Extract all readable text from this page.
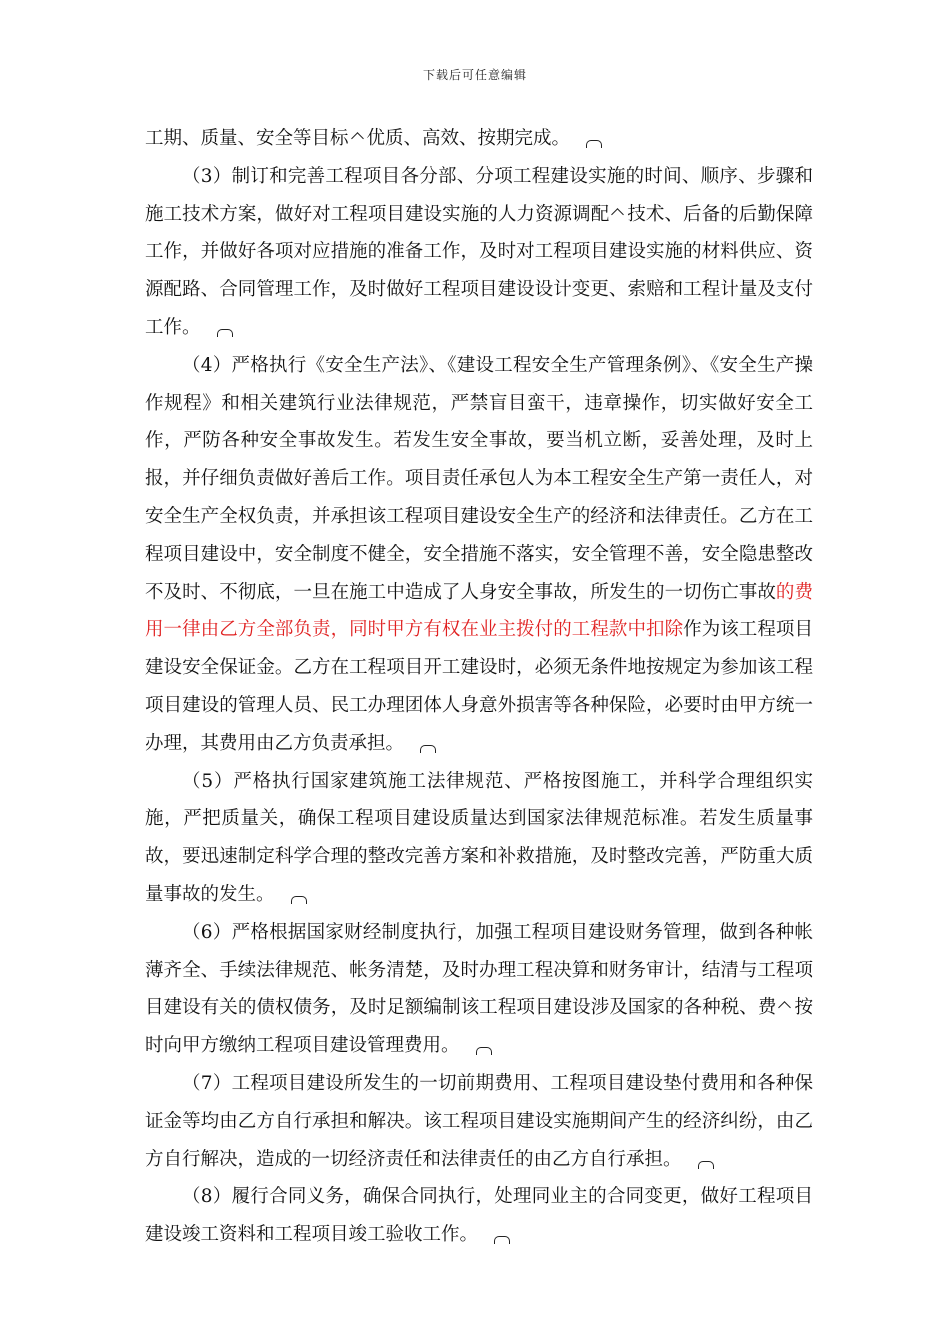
下载后可任意编辑

工期、质量、安全等目标 优质、高效、按期完成。

（3）制订和完善工程项目各分部、分项工程建设实施的时间、顺序、步骤和施工技术方案，做好对工程项目建设实施的人力资源调配 技术、后备的后勤保障工作，并做好各项对应措施的准备工作，及时对工程项目建设实施的材料供应、资源配路、合同管理工作，及时做好工程项目建设设计变更、索赔和工程计量及支付工作。

（4）严格执行《安全生产法》、《建设工程安全生产管理条例》、《安全生产操作规程》和相关建筑行业法律规范，严禁盲目蛮干，违章操作，切实做好安全工作，严防各种安全事故发生。若发生安全事故，要当机立断，妥善处理，及时上报，并仔细负责做好善后工作。项目责任承包人为本工程安全生产第一责任人，对安全生产全权负责，并承担该工程项目建设安全生产的经济和法律责任。乙方在工程项目建设中，安全制度不健全，安全措施不落实，安全管理不善，安全隐患整改不及时、不彻底，一旦在施工中造成了人身安全事故，所发生的一切伤亡事故的费用一律由乙方全部负责，同时甲方有权在业主拨付的工程款中扣除作为该工程项目建设安全保证金。乙方在工程项目开工建设时，必须无条件地按规定为参加该工程项目建设的管理人员、民工办理团体人身意外损害等各种保险，必要时由甲方统一办理，其费用由乙方负责承担。

（5）严格执行国家建筑施工法律规范、严格按图施工，并科学合理组织实施，严把质量关，确保工程项目建设质量达到国家法律规范标准。若发生质量事故，要迅速制定科学合理的整改完善方案和补救措施，及时整改完善，严防重大质量事故的发生。

（6）严格根据国家财经制度执行，加强工程项目建设财务管理，做到各种帐薄齐全、手续法律规范、帐务清楚，及时办理工程决算和财务审计，结清与工程项目建设有关的债权债务，及时足额编制该工程项目建设涉及国家的各种税、费 按时向甲方缴纳工程项目建设管理费用。

（7）工程项目建设所发生的一切前期费用、工程项目建设垫付费用和各种保证金等均由乙方自行承担和解决。该工程项目建设实施期间产生的经济纠纷，由乙方自行解决，造成的一切经济责任和法律责任的由乙方自行承担。

（8）履行合同义务，确保合同执行，处理同业主的合同变更，做好工程项目建设竣工资料和工程项目竣工验收工作。
